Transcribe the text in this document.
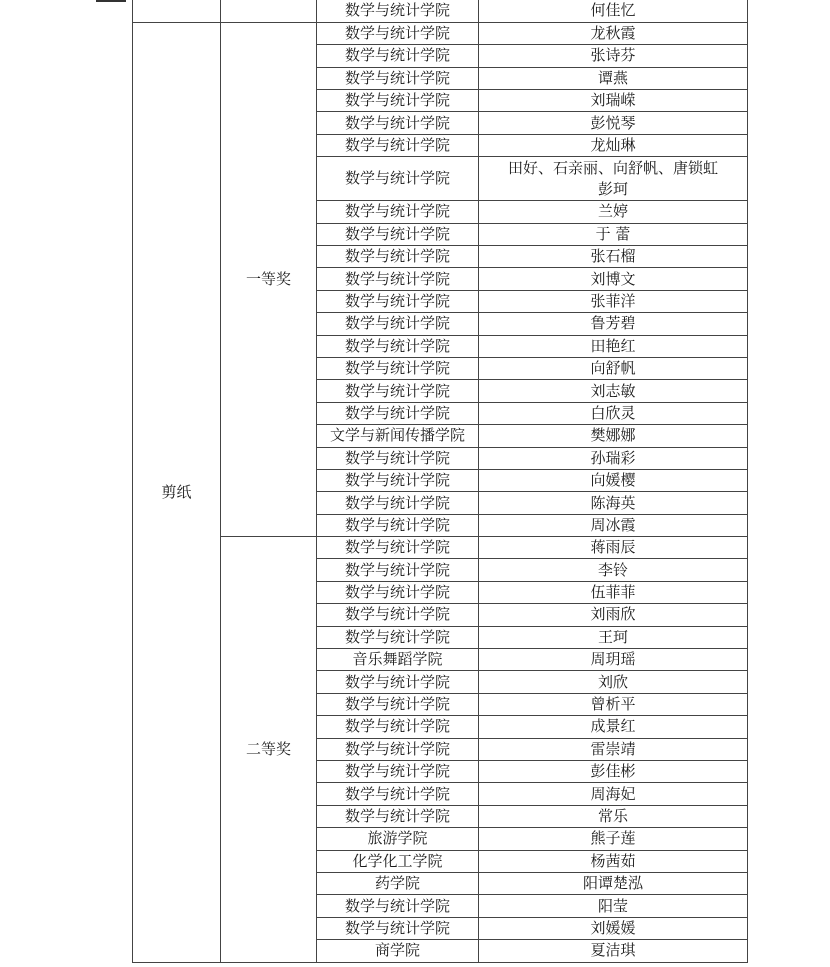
		数学与统计学院	何佳忆
剪纸	一等奖	数学与统计学院	龙秋霞
		数学与统计学院	张诗芬
		数学与统计学院	谭燕
		数学与统计学院	刘瑞嵘
		数学与统计学院	彭悦琴
		数学与统计学院	龙灿琳
		数学与统计学院	田好、石亲丽、向舒帆、唐锁虹
彭珂
		数学与统计学院	兰婷
		数学与统计学院	于 蕾
		数学与统计学院	张石榴
		数学与统计学院	刘博文
		数学与统计学院	张菲洋
		数学与统计学院	鲁芳碧
		数学与统计学院	田艳红
		数学与统计学院	向舒帆
		数学与统计学院	刘志敏
		数学与统计学院	白欣灵
		文学与新闻传播学院	樊娜娜
		数学与统计学院	孙瑞彩
		数学与统计学院	向媛樱
		数学与统计学院	陈海英
		数学与统计学院	周冰霞
	二等奖	数学与统计学院	蒋雨辰
		数学与统计学院	李铃
		数学与统计学院	伍菲菲
		数学与统计学院	刘雨欣
		数学与统计学院	王珂
		音乐舞蹈学院	周玥瑶
		数学与统计学院	刘欣
		数学与统计学院	曾析平
		数学与统计学院	成景红
		数学与统计学院	雷崇靖
		数学与统计学院	彭佳彬
		数学与统计学院	周海妃
		数学与统计学院	常乐
		旅游学院	熊子莲
		化学化工学院	杨茜茹
		药学院	阳谭楚泓
		数学与统计学院	阳莹
		数学与统计学院	刘媛媛
		商学院	夏洁琪
